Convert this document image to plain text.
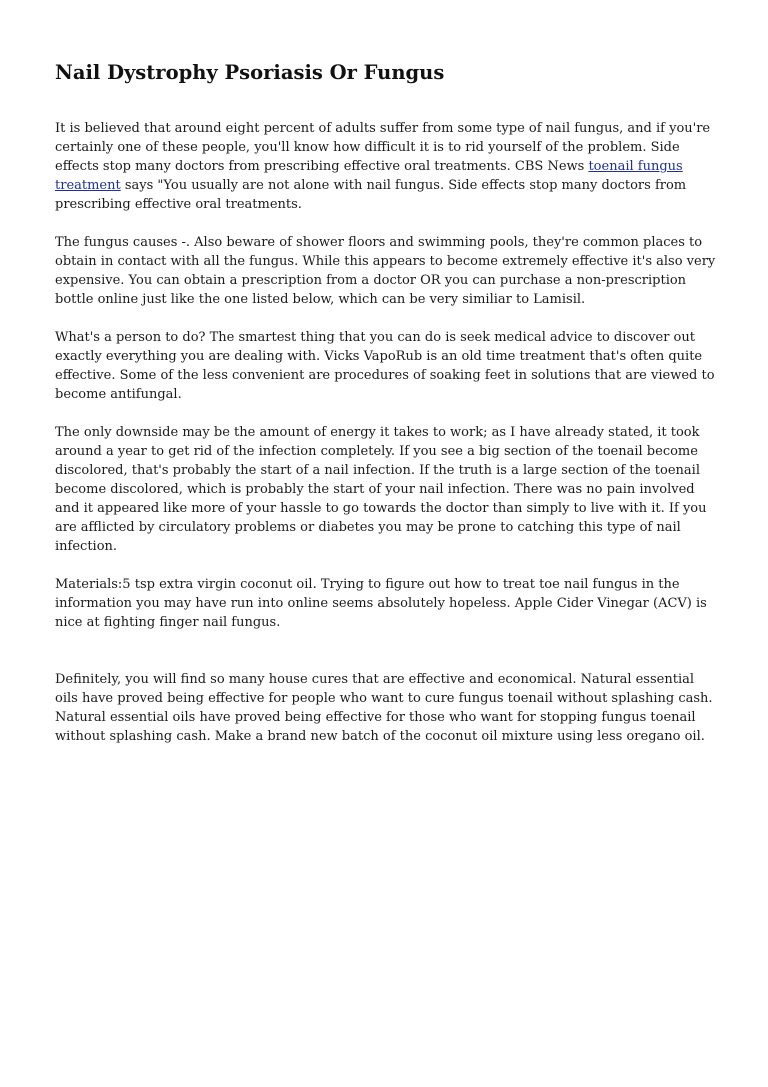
Nail Dystrophy Psoriasis Or Fungus

It is believed that around eight percent of adults suffer from some type of nail fungus, and if you're certainly one of these people, you'll know how difficult it is to rid yourself of the problem. Side effects stop many doctors from prescribing effective oral treatments. CBS News toenail fungus treatment says "You usually are not alone with nail fungus. Side effects stop many doctors from prescribing effective oral treatments.

The fungus causes -. Also beware of shower floors and swimming pools, they're common places to obtain in contact with all the fungus. While this appears to become extremely effective it's also very expensive. You can obtain a prescription from a doctor OR you can purchase a non-prescription bottle online just like the one listed below, which can be very similiar to Lamisil.

What's a person to do? The smartest thing that you can do is seek medical advice to discover out exactly everything you are dealing with. Vicks VapoRub is an old time treatment that's often quite effective. Some of the less convenient are procedures of soaking feet in solutions that are viewed to become antifungal.

The only downside may be the amount of energy it takes to work; as I have already stated, it took around a year to get rid of the infection completely. If you see a big section of the toenail become discolored, that's probably the start of a nail infection. If the truth is a large section of the toenail become discolored, which is probably the start of your nail infection. There was no pain involved and it appeared like more of your hassle to go towards the doctor than simply to live with it. If you are afflicted by circulatory problems or diabetes you may be prone to catching this type of nail infection.

Materials:5 tsp extra virgin coconut oil. Trying to figure out how to treat toe nail fungus in the information you may have run into online seems absolutely hopeless. Apple Cider Vinegar (ACV) is nice at fighting finger nail fungus.

Definitely, you will find so many house cures that are effective and economical. Natural essential oils have proved being effective for people who want to cure fungus toenail without splashing cash. Natural essential oils have proved being effective for those who want for stopping fungus toenail without splashing cash. Make a brand new batch of the coconut oil mixture using less oregano oil.
